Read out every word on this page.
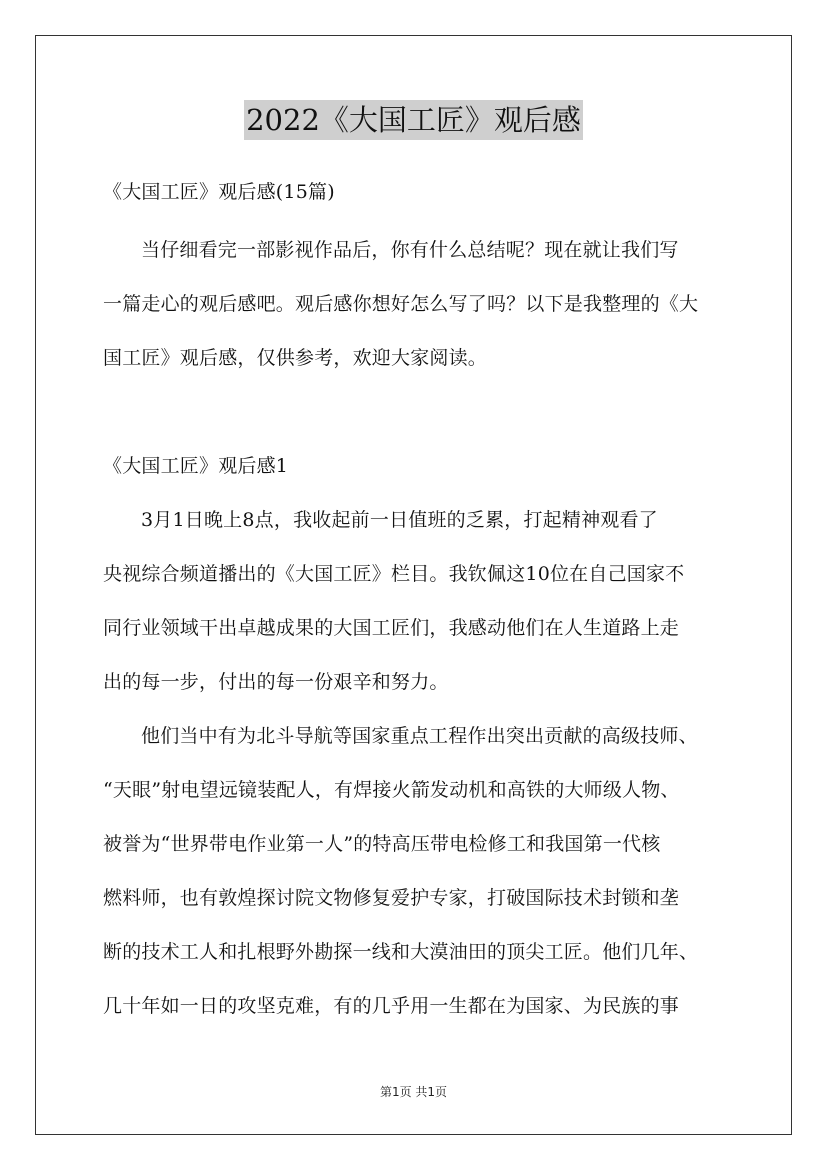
2022《大国工匠》观后感
《大国工匠》观后感(15篇)
当仔细看完一部影视作品后，你有什么总结呢？现在就让我们写
一篇走心的观后感吧。观后感你想好怎么写了吗？以下是我整理的《大
国工匠》观后感，仅供参考，欢迎大家阅读。
《大国工匠》观后感1
3月1日晚上8点，我收起前一日值班的乏累，打起精神观看了
央视综合频道播出的《大国工匠》栏目。我钦佩这10位在自己国家不
同行业领域干出卓越成果的大国工匠们，我感动他们在人生道路上走
出的每一步，付出的每一份艰辛和努力。
他们当中有为北斗导航等国家重点工程作出突出贡献的高级技师、
“天眼”射电望远镜装配人，有焊接火箭发动机和高铁的大师级人物、
被誉为“世界带电作业第一人”的特高压带电检修工和我国第一代核
燃料师，也有敦煌探讨院文物修复爱护专家，打破国际技术封锁和垄
断的技术工人和扎根野外勘探一线和大漠油田的顶尖工匠。他们几年、
几十年如一日的攻坚克难，有的几乎用一生都在为国家、为民族的事
第1页 共1页
